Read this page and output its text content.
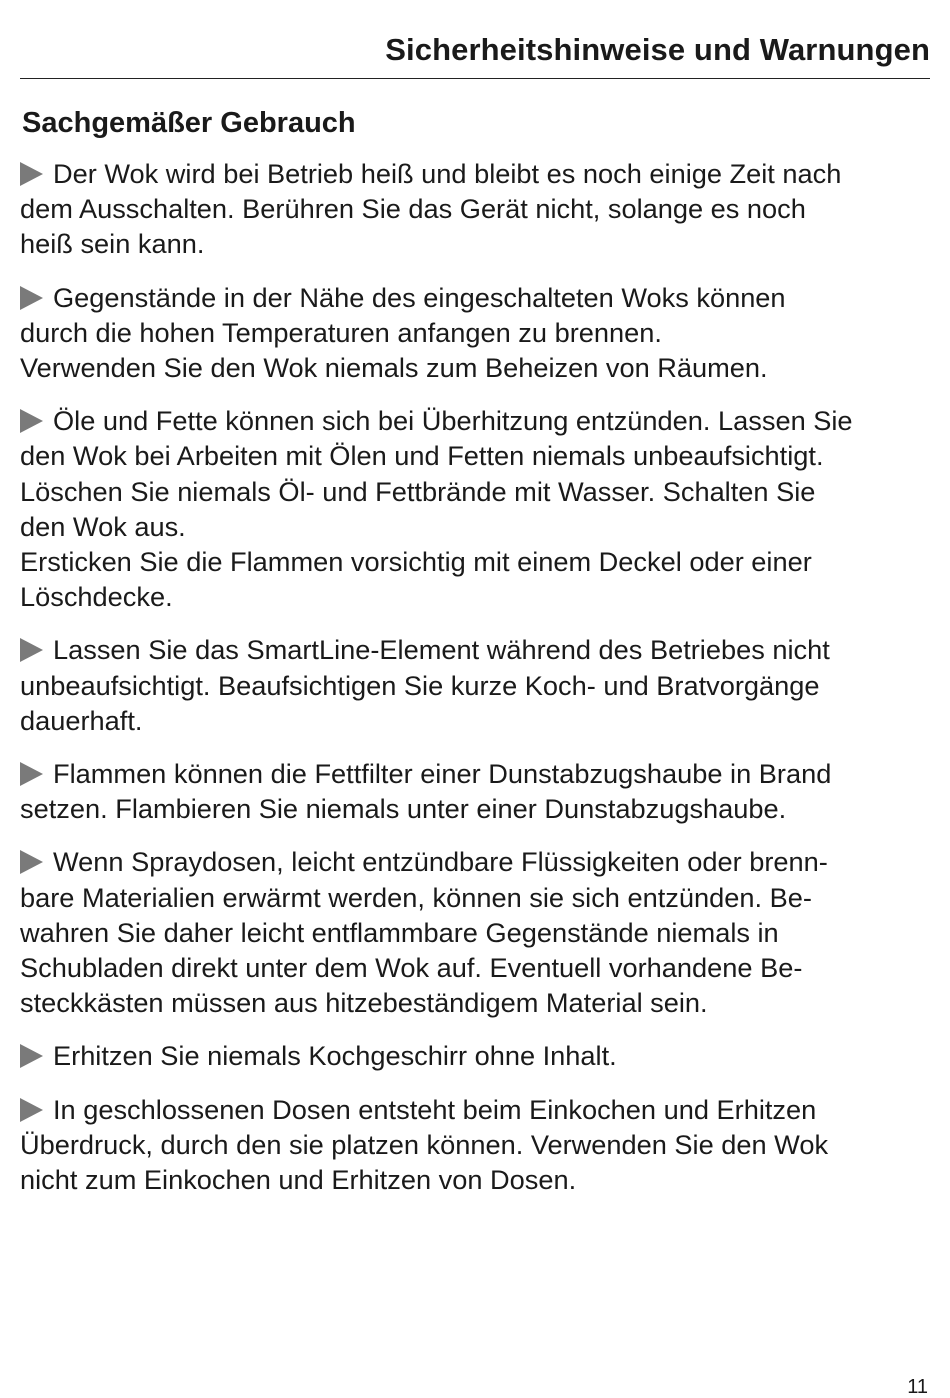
Sicherheitshinweise und Warnungen
Sachgemäßer Gebrauch

Der Wok wird bei Betrieb heiß und bleibt es noch einige Zeit nach
dem Ausschalten. Berühren Sie das Gerät nicht, solange es noch
heiß sein kann.

Gegenstände in der Nähe des eingeschalteten Woks können
durch die hohen Temperaturen anfangen zu brennen.
Verwenden Sie den Wok niemals zum Beheizen von Räumen.

Öle und Fette können sich bei Überhitzung entzünden. Lassen Sie
den Wok bei Arbeiten mit Ölen und Fetten niemals unbeaufsichtigt.
Löschen Sie niemals Öl- und Fettbrände mit Wasser. Schalten Sie
den Wok aus.
Ersticken Sie die Flammen vorsichtig mit einem Deckel oder einer
Löschdecke.

Lassen Sie das SmartLine-Element während des Betriebes nicht
unbeaufsichtigt. Beaufsichtigen Sie kurze Koch- und Bratvorgänge
dauerhaft.

Flammen können die Fettfilter einer Dunstabzugshaube in Brand
setzen. Flambieren Sie niemals unter einer Dunstabzugshaube.

Wenn Spraydosen, leicht entzündbare Flüssigkeiten oder brenn-
bare Materialien erwärmt werden, können sie sich entzünden. Be-
wahren Sie daher leicht entflammbare Gegenstände niemals in
Schubladen direkt unter dem Wok auf. Eventuell vorhandene Be-
steckkästen müssen aus hitzebeständigem Material sein.

Erhitzen Sie niemals Kochgeschirr ohne Inhalt.

In geschlossenen Dosen entsteht beim Einkochen und Erhitzen
Überdruck, durch den sie platzen können. Verwenden Sie den Wok
nicht zum Einkochen und Erhitzen von Dosen.

11
